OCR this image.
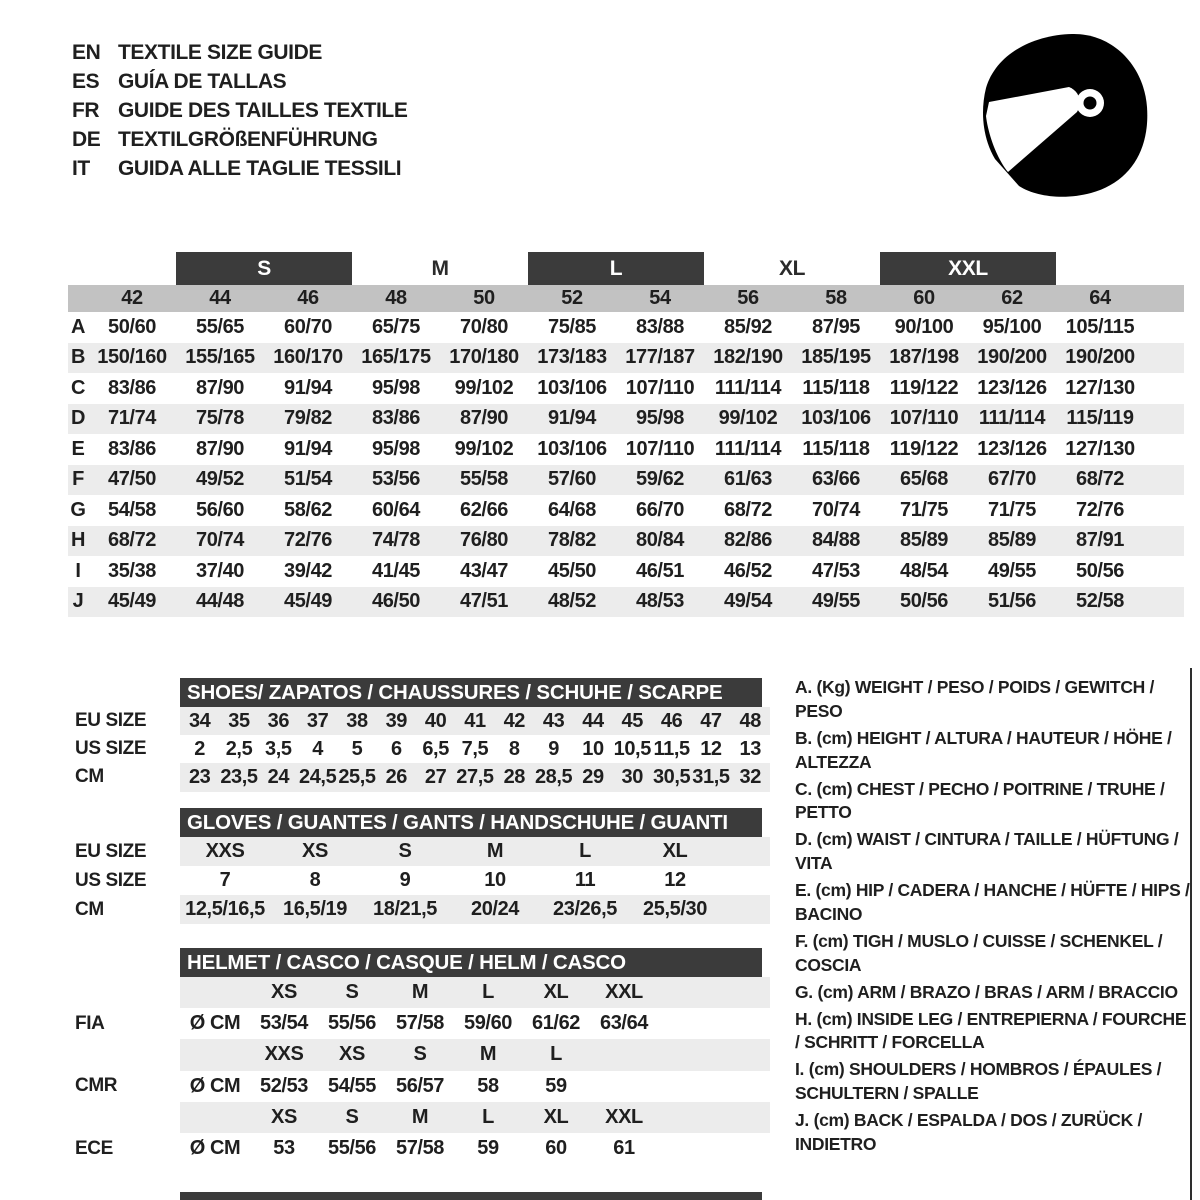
EN TEXTILE SIZE GUIDE
ES GUÍA DE TALLAS
FR GUIDE DES TAILLES TEXTILE
DE TEXTILGRÖßENFÜHRUNG
IT	GUIDA ALLE TAGLIE TESSILI
S	M	L	XL	XXL
42	44	46	48	50	52	54	56	58	60	62	64
A	50/60	55/65	60/70	65/75	70/80	75/85	83/88	85/92	87/95	90/100	95/100	105/115
B 150/160 155/165 160/170 165/175 170/180 173/183 177/187 182/190 185/195 187/198 190/200 190/200
C	83/86	87/90	91/94	95/98	99/102	103/106 107/110	111/114	115/118	119/122 123/126 127/130
D	71/74	75/78	79/82	83/86	87/90	91/94	95/98	99/102	103/106 107/110	111/114	115/119
E	83/86	87/90	91/94	95/98	99/102	103/106 107/110	111/114	115/118	119/122 123/126 127/130
F	47/50	49/52	51/54	53/56	55/58	57/60	59/62	61/63	63/66	65/68	67/70	68/72
G	54/58	56/60	58/62	60/64	62/66	64/68	66/70	68/72	70/74	71/75	71/75	72/76
H	68/72	70/74	72/76	74/78	76/80	78/82	80/84	82/86	84/88	85/89	85/89	87/91
I	35/38	37/40	39/42	41/45	43/47	45/50	46/51	46/52	47/53	48/54	49/55	50/56
J	45/49	44/48	45/49	46/50	47/51	48/52	48/53	49/54	49/55	50/56	51/56	52/58
SHOES/ ZAPATOS / CHAUSSURES / SCHUHE / SCARPE
EU SIZE	34 35 36 37 38 39 40 41 42 43 44 45 46 47 48
US SIZE	2	2,5 3,5	4	5	6	6,5 7,5	8	9	10 10,5 11,5 12 13
CM	23 23,5 24 24,5 25,5 26 27 27,5 28 28,5 29 30 30,5 31,5 32
GLOVES / GUANTES / GANTS / HANDSCHUHE / GUANTI
EU SIZE	XXS	XS	S	M	L	XL
US SIZE	7	8	9	10	11	12
CM	12,5/16,5 16,5/19	18/21,5	20/24	23/26,5	25,5/30
HELMET / CASCO / CASQUE / HELM / CASCO
XS	S	M	L	XL	XXL
FIA	Ø CM 53/54 55/56 57/58 59/60 61/62 63/64
XXS	XS	S	M	L
CMR	Ø CM 52/53 54/55 56/57	58	59
XS	S	M	L	XL	XXL
ECE	Ø CM	53	55/56 57/58	59	60	61
A. (Kg) WEIGHT / PESO / POIDS / GEWITCH / PESO
B. (cm) HEIGHT / ALTURA / HAUTEUR / HÖHE / ALTEZZA
C. (cm) CHEST / PECHO / POITRINE / TRUHE / PETTO
D. (cm) WAIST / CINTURA / TAILLE / HÜFTUNG / VITA
E. (cm) HIP / CADERA / HANCHE / HÜFTE / HIPS / BACINO
F. (cm) TIGH / MUSLO / CUISSE / SCHENKEL / COSCIA
G. (cm) ARM / BRAZO / BRAS / ARM / BRACCIO
H. (cm) INSIDE LEG / ENTREPIERNA / FOURCHE / SCHRITT / FORCELLA
I. (cm) SHOULDERS / HOMBROS / ÉPAULES / SCHULTERN / SPALLE
J. (cm) BACK / ESPALDA / DOS / ZURÜCK / INDIETRO
